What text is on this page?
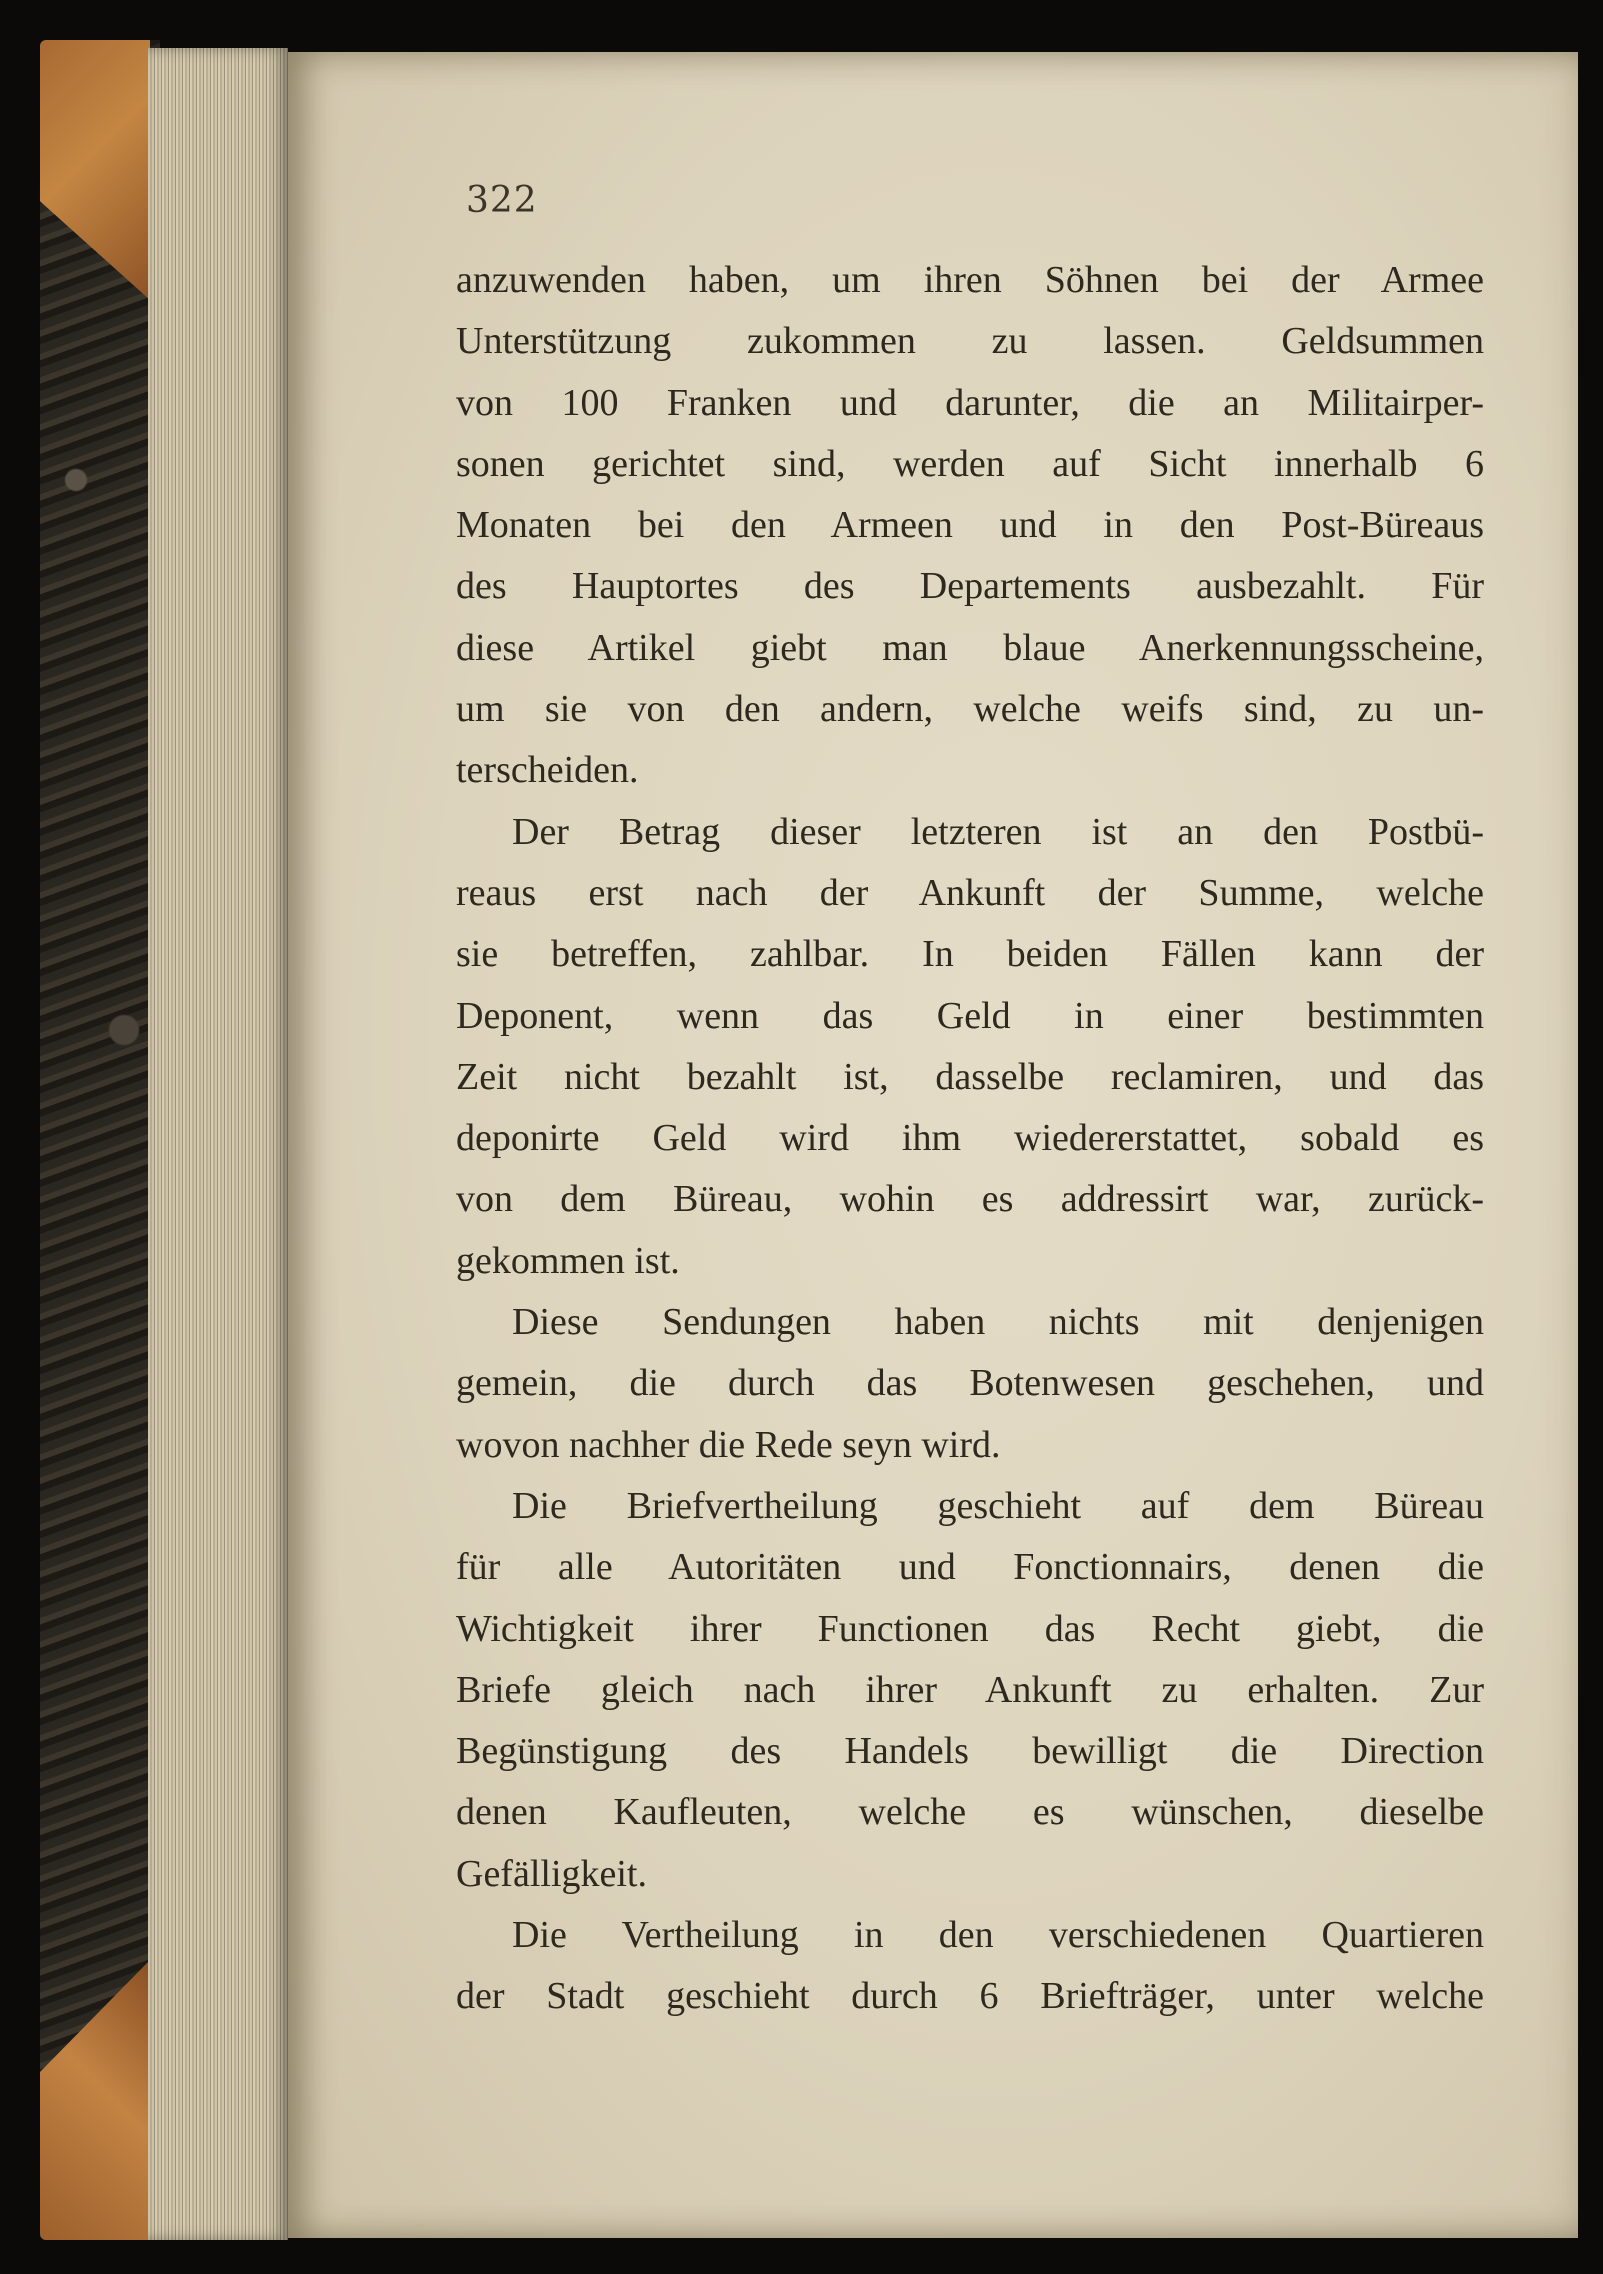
322
anzuwenden haben, um ihren Söhnen bei der Armee
Unterstützung zukommen zu lassen. Geldsummen
von 100 Franken und darunter, die an Militairper-
sonen gerichtet sind, werden auf Sicht innerhalb 6
Monaten bei den Armeen und in den Post-Büreaus
des Hauptortes des Departements ausbezahlt. Für
diese Artikel giebt man blaue Anerkennungsscheine,
um sie von den andern, welche weifs sind, zu un-
terscheiden.
Der Betrag dieser letzteren ist an den Postbü-
reaus erst nach der Ankunft der Summe, welche
sie betreffen, zahlbar. In beiden Fällen kann der
Deponent, wenn das Geld in einer bestimmten
Zeit nicht bezahlt ist, dasselbe reclamiren, und das
deponirte Geld wird ihm wiedererstattet, sobald es
von dem Büreau, wohin es addressirt war, zurück-
gekommen ist.
Diese Sendungen haben nichts mit denjenigen
gemein, die durch das Botenwesen geschehen, und
wovon nachher die Rede seyn wird.
Die Briefvertheilung geschieht auf dem Büreau
für alle Autoritäten und Fonctionnairs, denen die
Wichtigkeit ihrer Functionen das Recht giebt, die
Briefe gleich nach ihrer Ankunft zu erhalten. Zur
Begünstigung des Handels bewilligt die Direction
denen Kaufleuten, welche es wünschen, dieselbe
Gefälligkeit.
Die Vertheilung in den verschiedenen Quartieren
der Stadt geschieht durch 6 Briefträger, unter welche
